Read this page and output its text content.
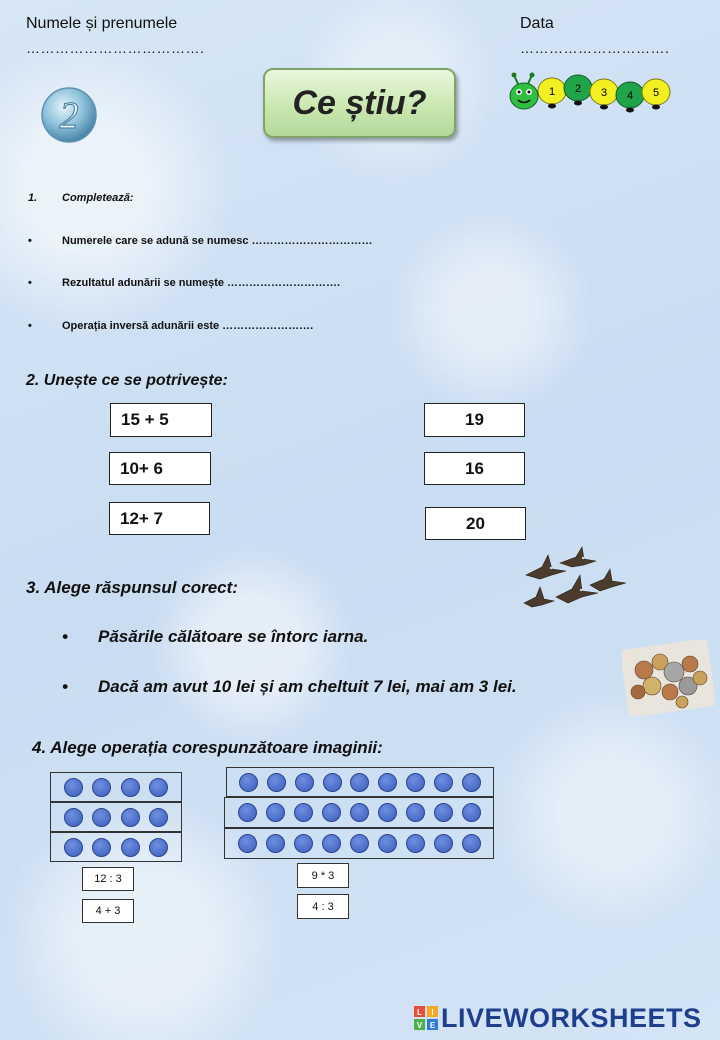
Numele și prenumele
……………………………….
Data
………………………….
2	Ce știu?	1 2 3 4 5
1. Completează:
•	Numerele care se adună se numesc ……………………………
•	Rezultatul adunării se numește ………………………….
•	Operația inversă adunării este …………………….
2. Unește ce se potrivește:
15 + 5
10+ 6
12+ 7
19
16
20
3. Alege răspunsul corect:
• Păsările călătoare se întorc iarna.
• Dacă am avut 10 lei și am cheltuit 7 lei, mai am 3 lei.
4. Alege operația corespunzătoare imaginii:
12 : 3
4 + 3
9 * 3
4 : 3
L I
V E LIVEWORKSHEETS
